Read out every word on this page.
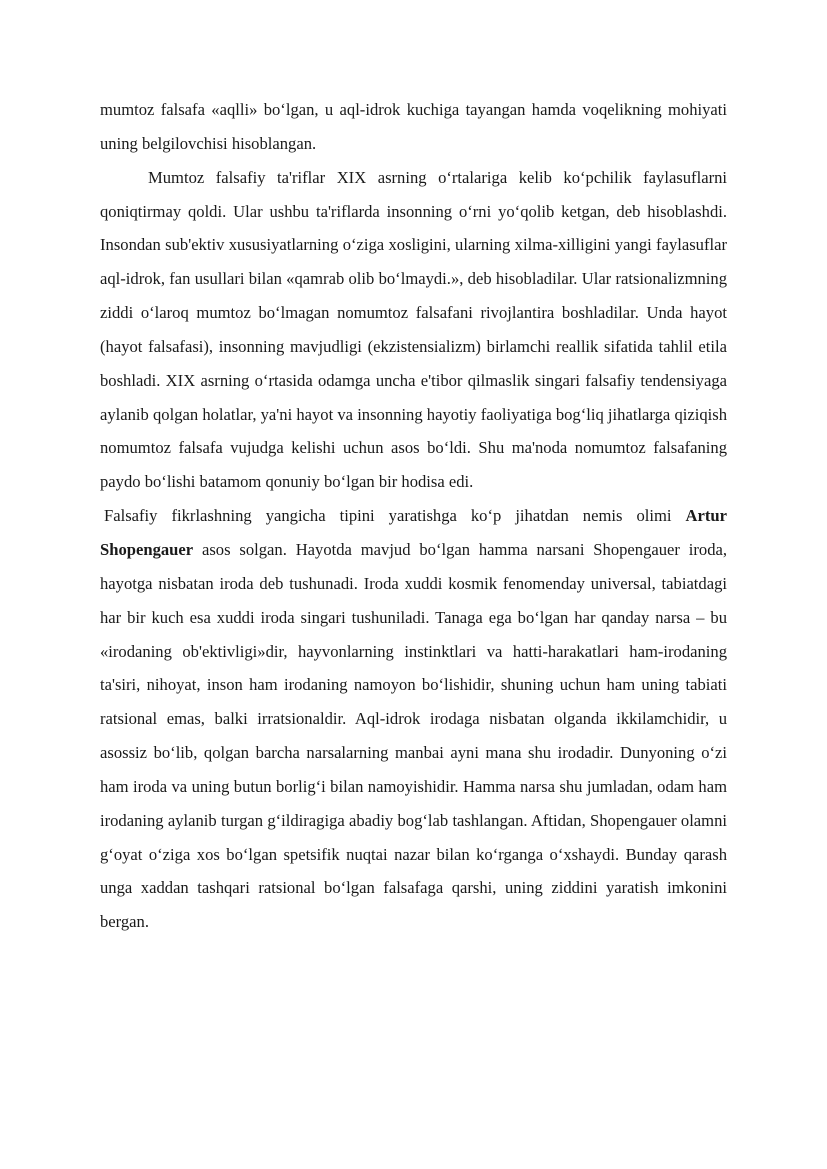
mumtoz falsafa «aqlli» bo‘lgan, u aql-idrok kuchiga tayangan hamda voqelikning mohiyati uning belgilovchisi hisoblangan.

Mumtoz falsafiy ta'riflar XIX asrning o‘rtalariga kelib ko‘pchilik faylasuflarni qoniqtirmay qoldi. Ular ushbu ta'riflarda insonning o‘rni yo‘qolib ketgan, deb hisoblashdi. Insondan sub'ektiv xususiyatlarning o‘ziga xosligini, ularning xilma-xilligini yangi faylasuflar aql-idrok, fan usullari bilan «qamrab olib bo‘lmaydi.», deb hisobladilar. Ular ratsionalizmning ziddi o‘laroq mumtoz bo‘lmagan nomumtoz falsafani rivojlantira boshladilar. Unda hayot (hayot falsafasi), insonning mavjudligi (ekzistensializm) birlamchi reallik sifatida tahlil etila boshladi. XIX asrning o‘rtasida odamga uncha e'tibor qilmaslik singari falsafiy tendensiyaga aylanib qolgan holatlar, ya'ni hayot va insonning hayotiy faoliyatiga bog‘liq jihatlarga qiziqish nomumtoz falsafa vujudga kelishi uchun asos bo‘ldi. Shu ma'noda nomumtoz falsafaning paydo bo‘lishi batamom qonuniy bo‘lgan bir hodisa edi.

Falsafiy fikrlashning yangicha tipini yaratishga ko‘p jihatdan nemis olimi Artur Shopengauer asos solgan. Hayotda mavjud bo‘lgan hamma narsani Shopengauer iroda, hayotga nisbatan iroda deb tushunadi. Iroda xuddi kosmik fenomenday universal, tabiatdagi har bir kuch esa xuddi iroda singari tushuniladi. Tanaga ega bo‘lgan har qanday narsa – bu «irodaning ob'ektivligi»dir, hayvonlarning instinktlari va hatti-harakatlari ham-irodaning ta'siri, nihoyat, inson ham irodaning namoyon bo‘lishidir, shuning uchun ham uning tabiati ratsional emas, balki irratsionaldir. Aql-idrok irodaga nisbatan olganda ikkilamchidir, u asossiz bo‘lib, qolgan barcha narsalarning manbai ayni mana shu irodadir. Dunyoning o‘zi ham iroda va uning butun borlig‘i bilan namoyishidir. Hamma narsa shu jumladan, odam ham irodaning aylanib turgan g‘ildiragiga abadiy bog‘lab tashlangan. Aftidan, Shopengauer olamni g‘oyat o‘ziga xos bo‘lgan spetsifik nuqtai nazar bilan ko‘rganga o‘xshaydi. Bunday qarash unga xaddan tashqari ratsional bo‘lgan falsafaga qarshi, uning ziddini yaratish imkonini bergan.
